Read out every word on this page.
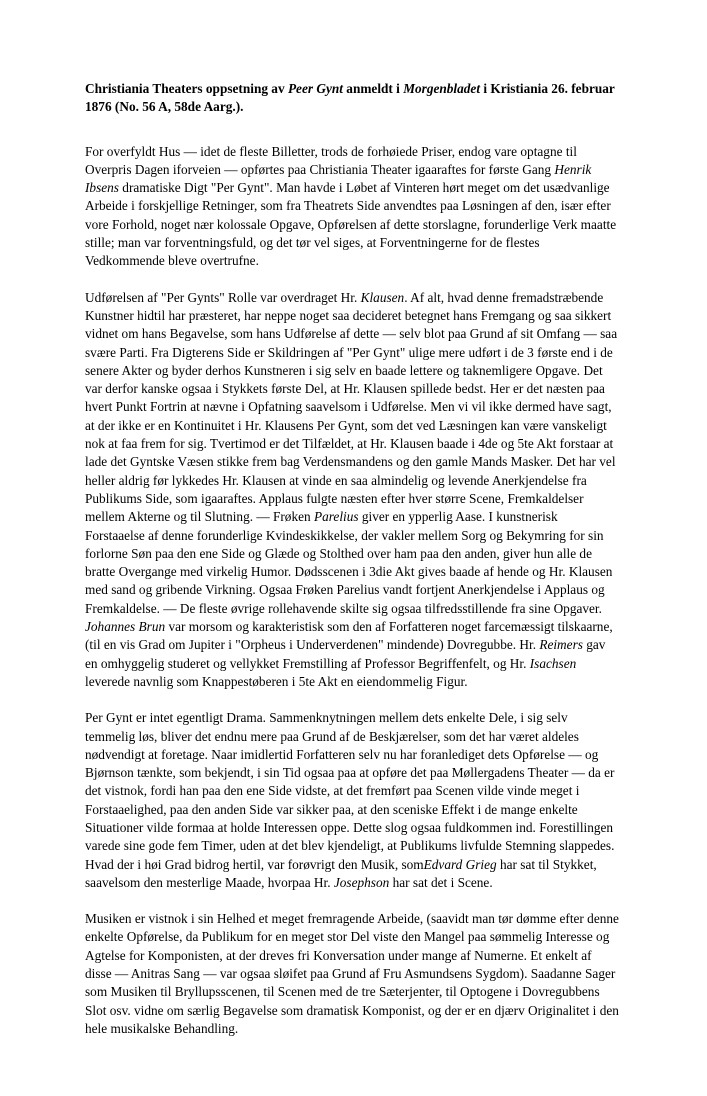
Christiania Theaters oppsetning av Peer Gynt anmeldt i Morgenbladet i Kristiania 26. februar 1876 (No. 56 A, 58de Aarg.).

For overfyldt Hus — idet de fleste Billetter, trods de forhøiede Priser, endog vare optagne til Overpris Dagen iforveien — opførtes paa Christiania Theater igaaraftes for første Gang Henrik Ibsens dramatiske Digt "Per Gynt". Man havde i Løbet af Vinteren hørt meget om det usædvanlige Arbeide i forskjellige Retninger, som fra Theatrets Side anvendtes paa Løsningen af den, især efter vore Forhold, noget nær kolossale Opgave, Opførelsen af dette storslagne, forunderlige Verk maatte stille; man var forventningsfuld, og det tør vel siges, at Forventningerne for de flestes Vedkommende bleve overtrufne.

Udførelsen af "Per Gynts" Rolle var overdraget Hr. Klausen. Af alt, hvad denne fremadstræbende Kunstner hidtil har præsteret, har neppe noget saa decideret betegnet hans Fremgang og saa sikkert vidnet om hans Begavelse, som hans Udførelse af dette — selv blot paa Grund af sit Omfang — saa svære Parti. Fra Digterens Side er Skildringen af "Per Gynt" ulige mere udført i de 3 første end i de senere Akter og byder derhos Kunstneren i sig selv en baade lettere og taknemligere Opgave. Det var derfor kanske ogsaa i Stykkets første Del, at Hr. Klausen spillede bedst. Her er det næsten paa hvert Punkt Fortrin at nævne i Opfatning saavelsom i Udførelse. Men vi vil ikke dermed have sagt, at der ikke er en Kontinuitet i Hr. Klausens Per Gynt, som det ved Læsningen kan være vanskeligt nok at faa frem for sig. Tvertimod er det Tilfældet, at Hr. Klausen baade i 4de og 5te Akt forstaar at lade det Gyntske Væsen stikke frem bag Verdensmandens og den gamle Mands Masker. Det har vel heller aldrig før lykkedes Hr. Klausen at vinde en saa almindelig og levende Anerkjendelse fra Publikums Side, som igaaraftes. Applaus fulgte næsten efter hver større Scene, Fremkaldelser mellem Akterne og til Slutning. — Frøken Parelius giver en ypperlig Aase. I kunstnerisk Forstaaelse af denne forunderlige Kvindeskikkelse, der vakler mellem Sorg og Bekymring for sin forlorne Søn paa den ene Side og Glæde og Stolthed over ham paa den anden, giver hun alle de bratte Overgange med virkelig Humor. Dødsscenen i 3die Akt gives baade af hende og Hr. Klausen med sand og gribende Virkning. Ogsaa Frøken Parelius vandt fortjent Anerkjendelse i Applaus og Fremkaldelse. — De fleste øvrige rollehavende skilte sig ogsaa tilfredsstillende fra sine Opgaver. Johannes Brun var morsom og karakteristisk som den af Forfatteren noget farcemæssigt tilskaarne, (til en vis Grad om Jupiter i "Orpheus i Underverdenen" mindende) Dovregubbe. Hr. Reimers gav en omhyggelig studeret og vellykket Fremstilling af Professor Begriffenfelt, og Hr. Isachsen leverede navnlig som Knappestøberen i 5te Akt en eiendommelig Figur.

Per Gynt er intet egentligt Drama. Sammenknytningen mellem dets enkelte Dele, i sig selv temmelig løs, bliver det endnu mere paa Grund af de Beskjærelser, som det har været aldeles nødvendigt at foretage. Naar imidlertid Forfatteren selv nu har foranlediget dets Opførelse — og Bjørnson tænkte, som bekjendt, i sin Tid ogsaa paa at opføre det paa Møllergadens Theater — da er det vistnok, fordi han paa den ene Side vidste, at det fremført paa Scenen vilde vinde meget i Forstaaelighed, paa den anden Side var sikker paa, at den sceniske Effekt i de mange enkelte Situationer vilde formaa at holde Interessen oppe. Dette slog ogsaa fuldkommen ind. Forestillingen varede sine gode fem Timer, uden at det blev kjendeligt, at Publikums livfulde Stemning slappedes. Hvad der i høi Grad bidrog hertil, var forøvrigt den Musik, somEdvard Grieg har sat til Stykket, saavelsom den mesterlige Maade, hvorpaa Hr. Josephson har sat det i Scene.

Musiken er vistnok i sin Helhed et meget fremragende Arbeide, (saavidt man tør dømme efter denne enkelte Opførelse, da Publikum for en meget stor Del viste den Mangel paa sømmelig Interesse og Agtelse for Komponisten, at der dreves fri Konversation under mange af Numerne. Et enkelt af disse — Anitras Sang — var ogsaa sløifet paa Grund af Fru Asmundsens Sygdom). Saadanne Sager som Musiken til Bryllupsscenen, til Scenen med de tre Sæterjenter, til Optogene i Dovregubbens Slot osv. vidne om særlig Begavelse som dramatisk Komponist, og der er en djærv Originalitet i den hele musikalske Behandling.
